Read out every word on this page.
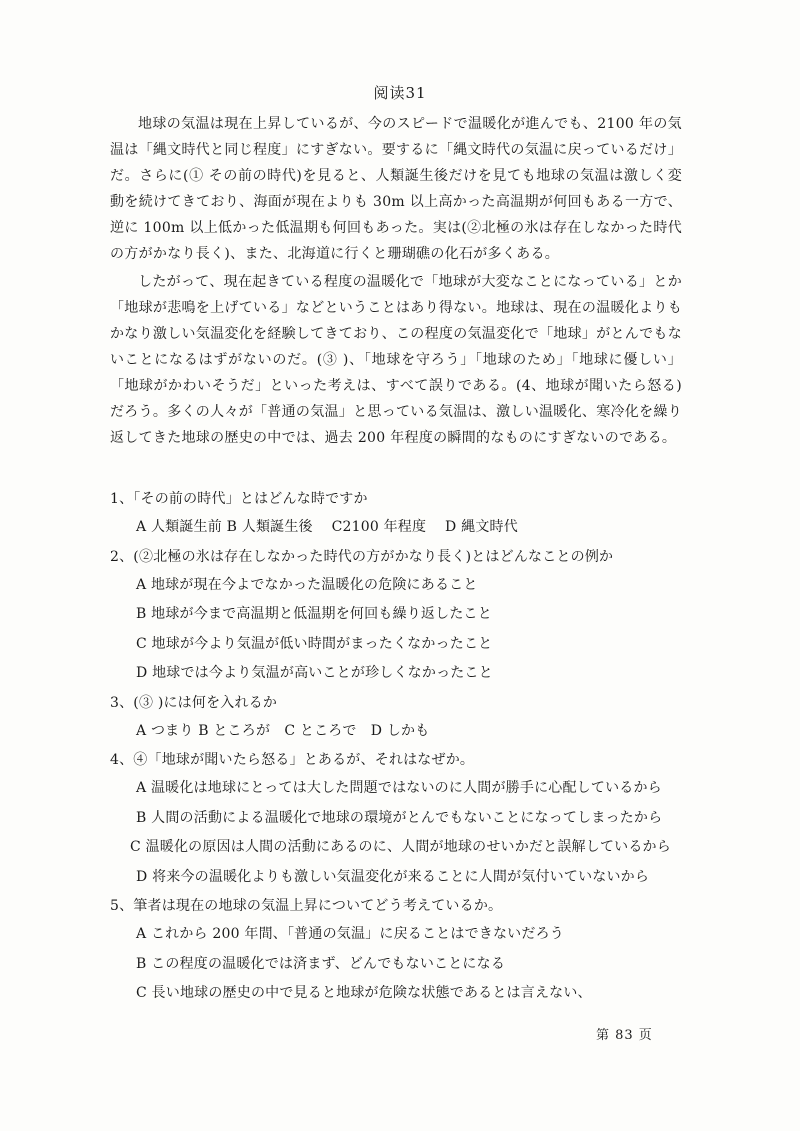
阅读31

地球の気温は現在上昇しているが、今のスピードで温暖化が進んでも、2100 年の気温は「縄文時代と同じ程度」にすぎない。要するに「縄文時代の気温に戻っているだけ」だ。さらに(① その前の時代)を見ると、人類誕生後だけを見ても地球の気温は激しく変動を続けてきており、海面が現在よりも 30m 以上高かった高温期が何回もある一方で、逆に 100m 以上低かった低温期も何回もあった。実は(②北極の氷は存在しなかった時代の方がかなり長く)、また、北海道に行くと珊瑚礁の化石が多くある。

したがって、現在起きている程度の温暖化で「地球が大変なことになっている」とか「地球が悲鳴を上げている」などということはあり得ない。地球は、現在の温暖化よりもかなり激しい気温変化を経験してきており、この程度の気温変化で「地球」がとんでもないことになるはずがないのだ。(③ )、「地球を守ろう」「地球のため」「地球に優しい」「地球がかわいそうだ」といった考えは、すべて誤りである。(4、地球が聞いたら怒る)だろう。多くの人々が「普通の気温」と思っている気温は、激しい温暖化、寒冷化を繰り返してきた地球の歴史の中では、過去 200 年程度の瞬間的なものにすぎないのである。

1、「その前の時代」とはどんな時ですか
A 人類誕生前 B 人類誕生後　 C2100 年程度　 D 縄文時代
2、(②北極の氷は存在しなかった時代の方がかなり長く)とはどんなことの例か
A 地球が現在今よでなかった温暖化の危険にあること
B 地球が今まで高温期と低温期を何回も繰り返したこと
C 地球が今より気温が低い時間がまったくなかったこと
D 地球では今より気温が高いことが珍しくなかったこと
3、(③ )には何を入れるか
A つまり B ところが　C ところで　D しかも
4、④「地球が聞いたら怒る」とあるが、それはなぜか。
A 温暖化は地球にとっては大した問題ではないのに人間が勝手に心配しているから
B 人間の活動による温暖化で地球の環境がとんでもないことになってしまったから
C 温暖化の原因は人間の活動にあるのに、人間が地球のせいかだと誤解しているから
D 将来今の温暖化よりも激しい気温変化が来ることに人間が気付いていないから
5、筆者は現在の地球の気温上昇についてどう考えているか。
A これから 200 年間、「普通の気温」に戻ることはできないだろう
B この程度の温暖化では済まず、どんでもないことになる
C 長い地球の歴史の中で見ると地球が危険な状態であるとは言えない、
第 83 页
